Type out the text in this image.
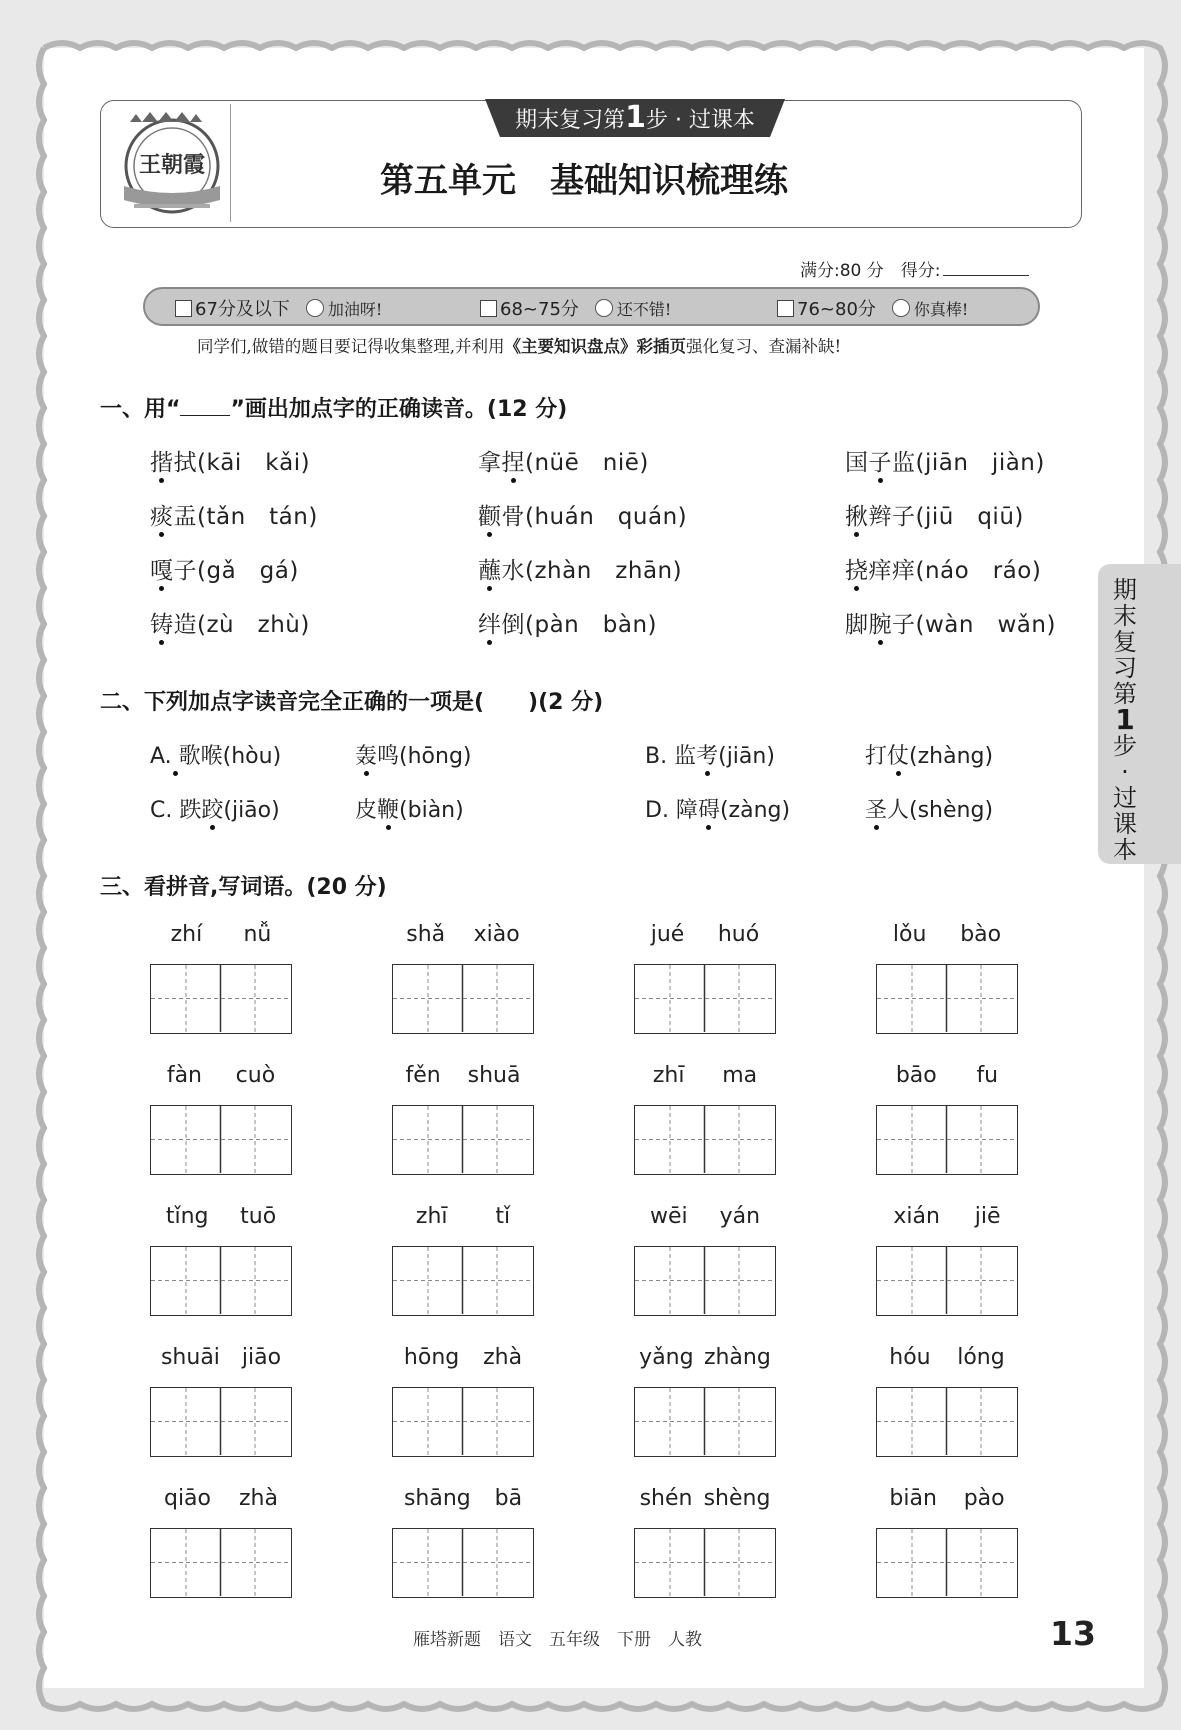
王朝霞
期末复习第1步 · 过课本
第五单元　基础知识梳理练
满分:80 分　 得分:
67分及以下 加油呀!	68~75分 还不错!	76~80分 你真棒!
同学们,做错的题目要记得收集整理,并利用《主要知识盘点》彩插页强化复习、查漏补缺!
一、用“ ”画出加点字的正确读音。(12 分)
揩拭(kāi　kǎi)	拿捏(nüē　niē)	国子监(jiān　jiàn)
痰盂(tǎn　tán)	颧骨(huán　quán)	揪辫子(jiū　qiū)
嘎子(gǎ　gá)	蘸水(zhàn　zhān)	挠痒痒(náo　ráo)
铸造(zù　zhù)	绊倒(pàn　bàn)	脚腕子(wàn　wǎn)
二、下列加点字读音完全正确的一项是(　　)(2 分)
A. 歌喉(hòu)	轰鸣(hōng)	B. 监考(jiān)	打仗(zhàng)
C. 跌跤(jiāo)	皮鞭(biàn)	D. 障碍(zàng)	圣人(shèng)
三、看拼音,写词语。(20 分)
zhí nǚ	shǎ xiào	jué huó	lǒu bào
fàn cuò	fěn shuā	zhī ma	bāo fu
tǐng tuō	zhī tǐ	wēi yán	xián jiē
shuāi jiāo	hōng zhà	yǎng zhàng	hóu lóng
qiāo zhà	shāng bā	shén shèng	biān pào
期
末
复
习
第
1
步
·
过
课
本
雁塔新题　语文　五年级　下册　人教	13
